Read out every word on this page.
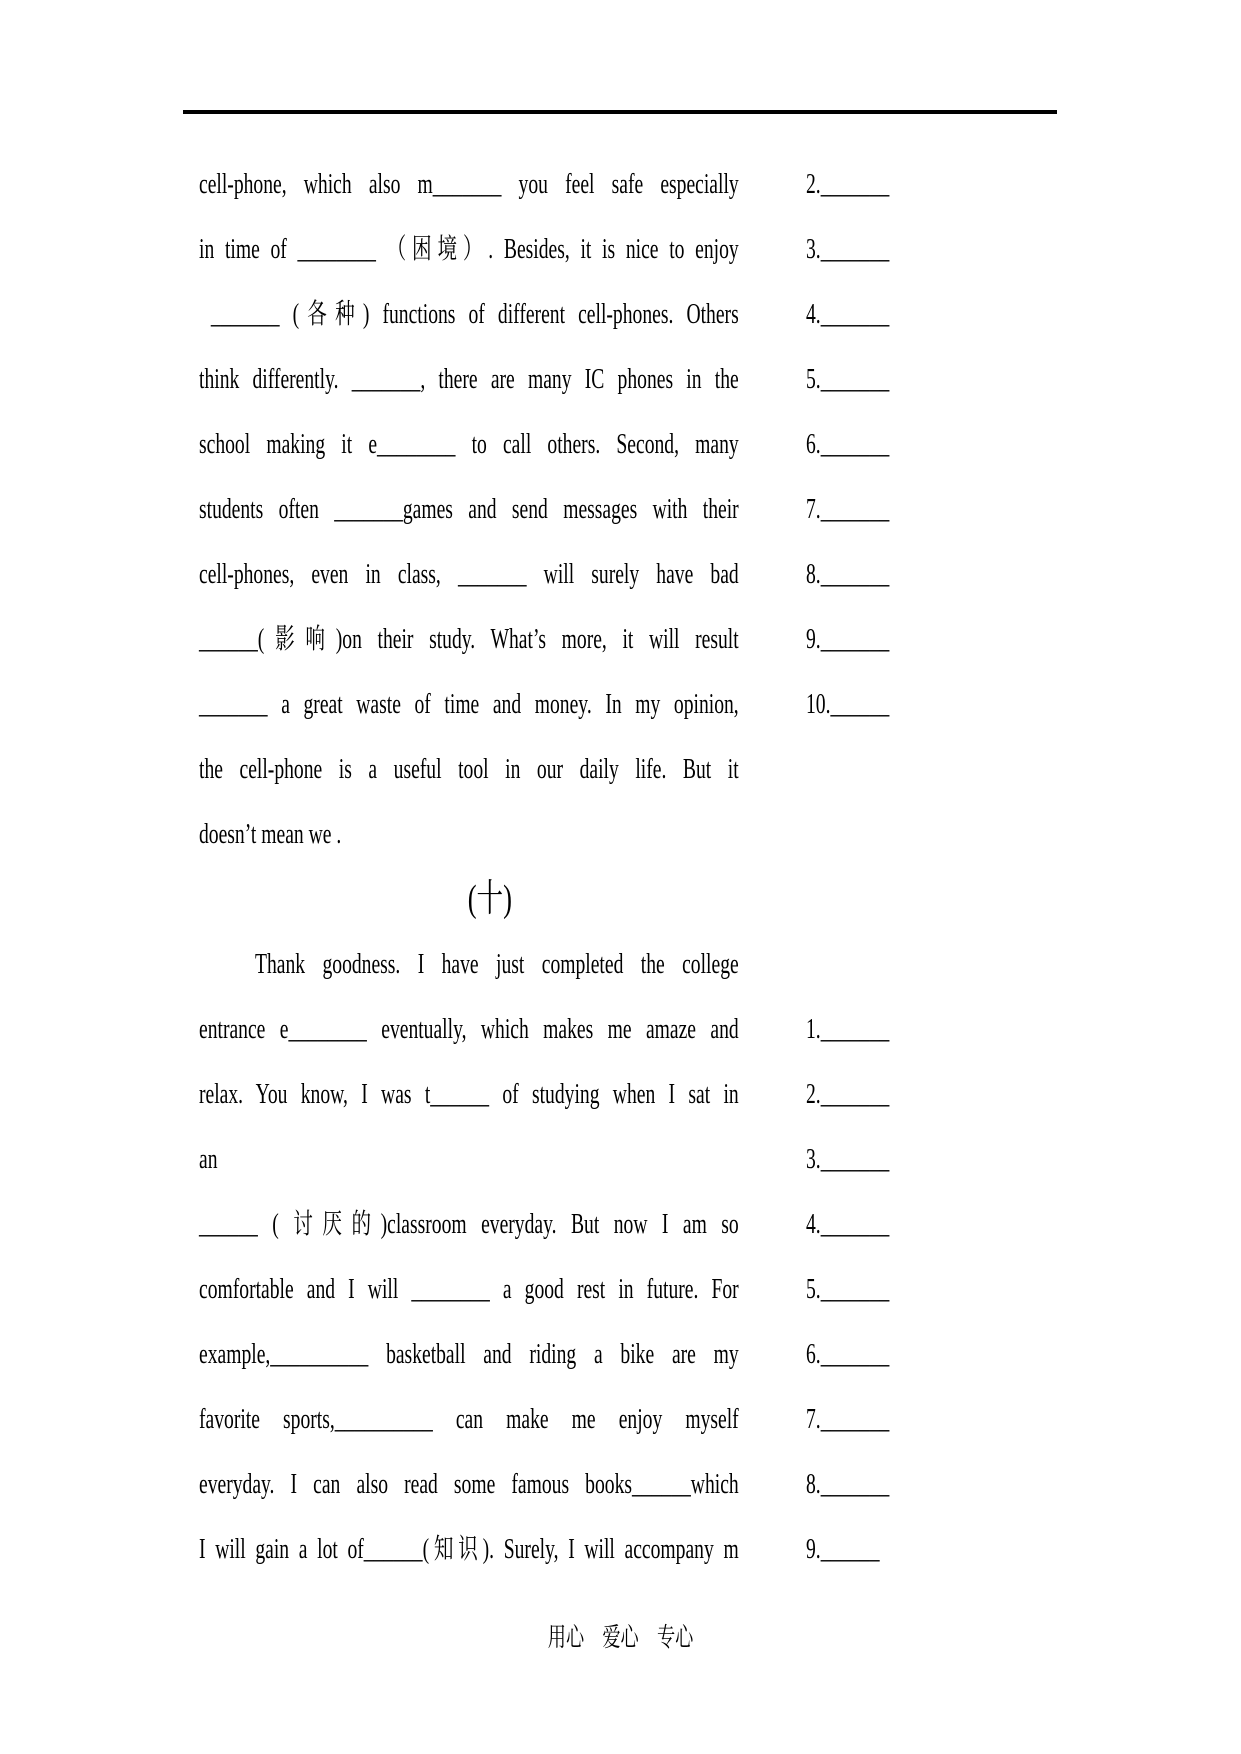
cell-phone, which also m_______ you feel safe especially 2._______
in time of ________ （困境）. Besides, it is nice to enjoy 3._______
_______ (各种) functions of different cell-phones. Others 4._______
think differently. _______, there are many IC phones in the 5._______
school making it e________ to call others. Second, many 6._______
students often _______games and send messages with their 7._______
cell-phones, even in class, _______ will surely have bad 8._______
______(影响)on their study. What’s more, it will result 9._______
_______ a great waste of time and money. In my opinion, 10.______
the cell-phone is a useful tool in our daily life. But it
doesn’t mean we .
(十)
Thank goodness. I have just completed the college
entrance e________ eventually, which makes me amaze and 1._______
relax. You know, I was t______ of studying when I sat in 2._______
an	3._______
______ ( 讨厌的)classroom everyday. But now I am so 4._______
comfortable and I will ________ a good rest in future. For 5._______
example,__________ basketball and riding a bike are my 6._______
favorite sports,__________ can make me enjoy myself 7._______
everyday. I can also read some famous books______which 8._______
I will gain a lot of______(知识). Surely, I will accompany m 9.______
用心　爱心　专心
